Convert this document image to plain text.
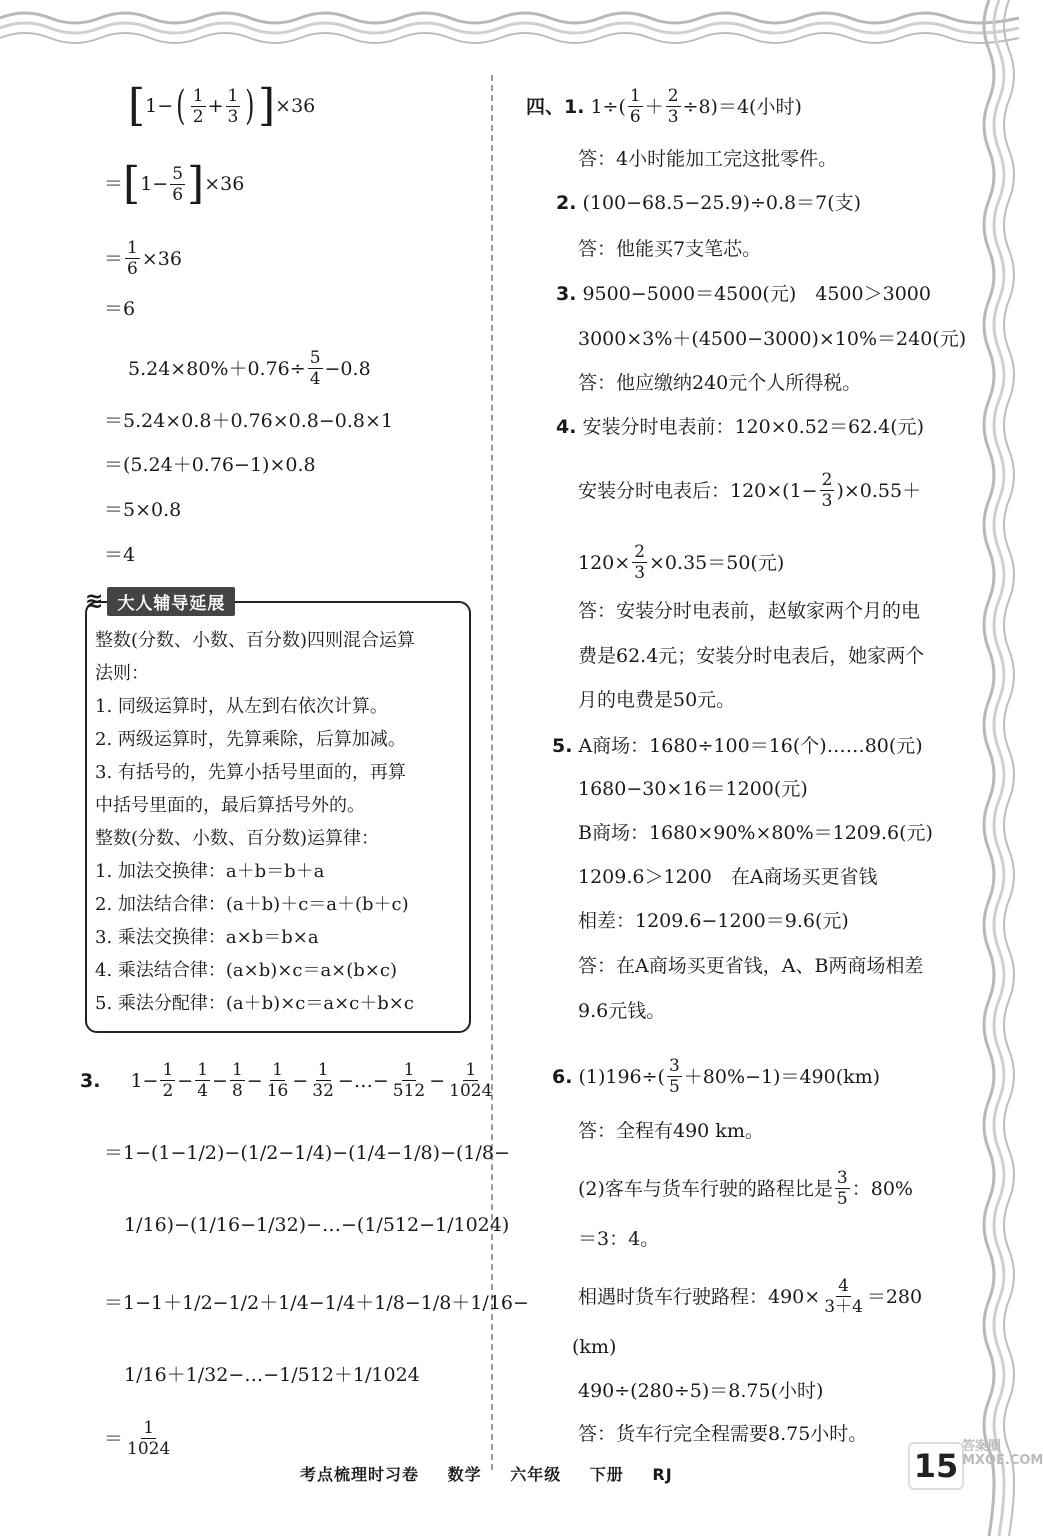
[ 1 − ( $\frac{1}{2} + \frac{1}{3}$ ) ] ×36
＝ [ $1- \frac{5}{6}$ ] ×36
＝ $\frac{1}{6} \times 36$
＝6
$5.24\times 80\%+0.76\div \frac{5}{4} -0.8$
＝5.24×0.8＋0.76×0.8−0.8×1
＝(5.24＋0.76−1)×0.8
＝5×0.8
＝4
≋ 大人辅导延展
整数(分数、小数、百分数)四则混合运算
法则：
1. 同级运算时，从左到右依次计算。
2. 两级运算时，先算乘除，后算加减。
3. 有括号的，先算小括号里面的，再算
中括号里面的，最后算括号外的。
整数(分数、小数、百分数)运算律：
1. 加法交换律：a＋b＝b＋a
2. 加法结合律：(a＋b)＋c＝a＋(b＋c)
3. 乘法交换律：a×b＝b×a
4. 乘法结合律：(a×b)×c＝a×(b×c)
5. 乘法分配律：(a＋b)×c＝a×c＋b×c
3. $1- \frac{1}{2} - \frac{1}{4} - \frac{1}{8} - \frac{1}{16} - \frac{1}{32}$ −…− $\frac{1}{512} - \frac{1}{1024}$
＝1−(1−1/2)−(1/2−1/4)−(1/4−1/8)−(1/8−
1/16)−(1/16−1/32)−…−(1/512−1/1024)
＝1−1＋1/2−1/2＋1/4−1/4＋1/8−1/8＋1/16−
1/16＋1/32−…−1/512＋1/1024
＝ $\frac{1}{1024}$
四、1. $1\div( \frac{1}{6} + \frac{2}{3} \div 8)=4$(小时)
答：4小时能加工完这批零件。
2. (100−68.5−25.9)÷0.8＝7(支)
答：他能买7支笔芯。
3. 9500−5000＝4500(元)　4500＞3000
3000×3%＋(4500−3000)×10%＝240(元)
答：他应缴纳240元个人所得税。
4. 安装分时电表前：120×0.52＝62.4(元)
安装分时电表后：$120\times(1- \frac{2}{3} )\times 0.55+$
$120\times \frac{2}{3} \times 0.35=50$(元)
答：安装分时电表前，赵敏家两个月的电
费是62.4元；安装分时电表后，她家两个
月的电费是50元。
5. A商场：1680÷100＝16(个)……80(元)
1680−30×16＝1200(元)
B商场：1680×90%×80%＝1209.6(元)
1209.6＞1200　在A商场买更省钱
相差：1209.6−1200＝9.6(元)
答：在A商场买更省钱，A、B两商场相差
9.6元钱。
6. $(1)196\div( \frac{3}{5} +80\%-1)=490(km)$
答：全程有490 km。
(2)客车与货车行驶的路程比是 $\frac{3}{5}$ ：80%
＝3：4。
相遇时货车行驶路程：$490\times \frac{4}{3+4} =280$
(km)
490÷(280÷5)＝8.75(小时)
答：货车行完全程需要8.75小时。
考点梳理时习卷 数学 六年级 下册 RJ	15
答案圈 MXQE.COM
